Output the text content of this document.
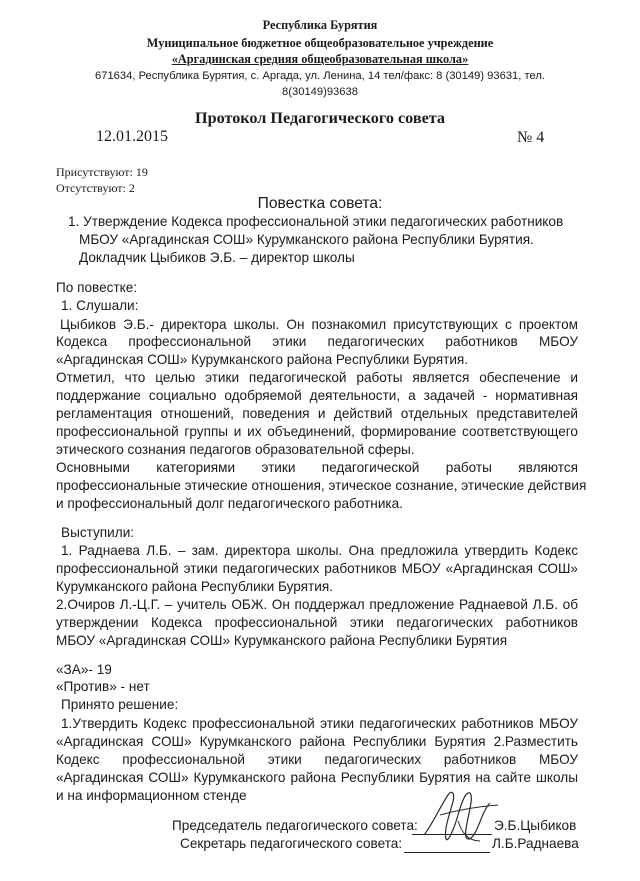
Республика Бурятия
Муниципальное бюджетное общеобразовательное учреждение
«Аргадинская средняя общеобразовательная школа»
671634, Республика Бурятия, с. Аргада, ул. Ленина, 14 тел/факс: 8 (30149) 93631, тел.
8(30149)93638
Протокол Педагогического совета
12.01.2015	№ 4
Присутствуют: 19
Отсутствуют: 2
Повестка совета:
1. Утверждение Кодекса профессиональной этики педагогических работников
МБОУ «Аргадинская СОШ» Курумканского района Республики Бурятия.
Докладчик Цыбиков Э.Б. – директор школы
По повестке:
1. Слушали:
Цыбиков Э.Б.- директора школы. Он познакомил присутствующих с проектом
Кодекса профессиональной этики педагогических работников МБОУ
«Аргадинская СОШ» Курумканского района Республики Бурятия.
Отметил, что целью этики педагогической работы является обеспечение и
поддержание социально одобряемой деятельности, а задачей - нормативная
регламентация отношений, поведения и действий отдельных представителей
профессиональной группы и их объединений, формирование соответствующего
этического сознания педагогов образовательной сферы.
Основными категориями этики педагогической работы являются
профессиональные этические отношения, этическое сознание, этические действия
и профессиональный долг педагогического работника.
Выступили:
1. Раднаева Л.Б. – зам. директора школы. Она предложила утвердить Кодекс
профессиональной этики педагогических работников МБОУ «Аргадинская СОШ»
Курумканского района Республики Бурятия.
2.Очиров Л.-Ц.Г. – учитель ОБЖ. Он поддержал предложение Раднаевой Л.Б. об
утверждении Кодекса профессиональной этики педагогических работников
МБОУ «Аргадинская СОШ» Курумканского района Республики Бурятия
«ЗА»- 19
«Против» - нет
Принято решение:
1.Утвердить Кодекс профессиональной этики педагогических работников МБОУ
«Аргадинская СОШ» Курумканского района Республики Бурятия 2.Разместить
Кодекс профессиональной этики педагогических работников МБОУ
«Аргадинская СОШ» Курумканского района Республики Бурятия на сайте школы
и на информационном стенде
Председатель педагогического совета:	Э.Б.Цыбиков
Секретарь педагогического совета:	Л.Б.Раднаева
